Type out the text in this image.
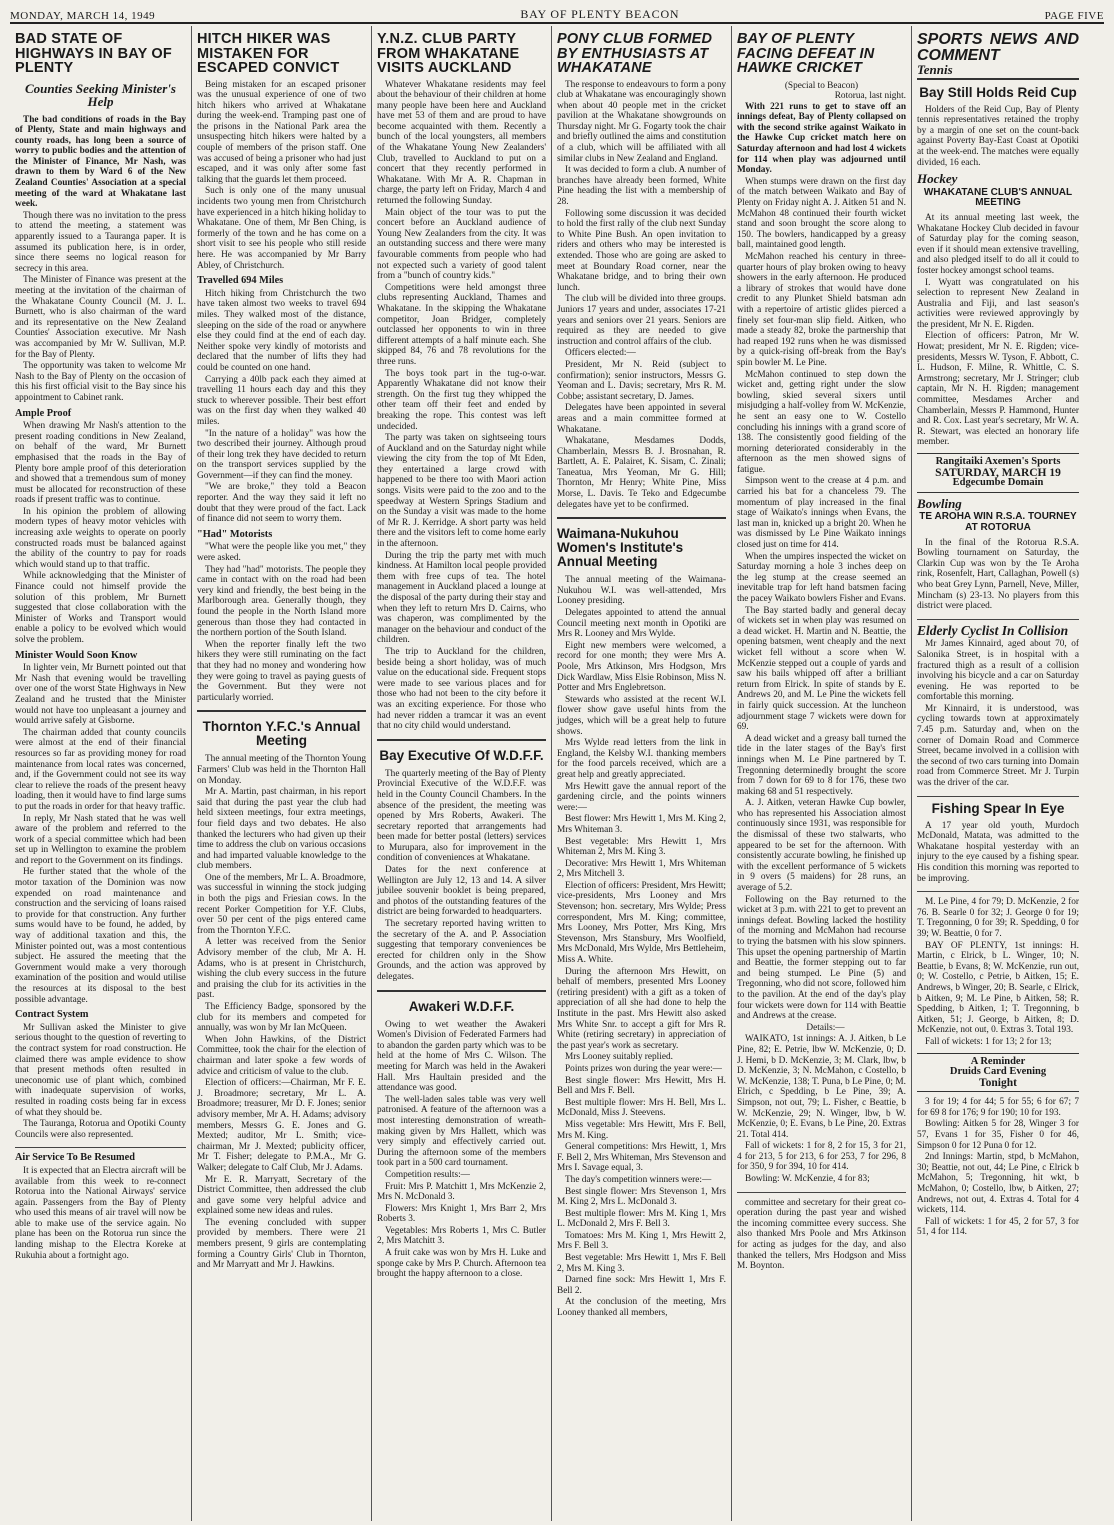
MONDAY, MARCH 14, 1949	BAY OF PLENTY BEACON	PAGE FIVE
BAD STATE OF HIGHWAYS IN BAY OF PLENTY
Counties Seeking Minister's Help

The bad conditions of roads in the Bay of Plenty, State and main highways and county roads, has long been a source of worry to public bodies and the attention of the Minister of Finance, Mr Nash, was drawn to them by Ward 6 of the New Zealand Counties' Association at a special meeting of the ward at Whakatane last week.

Though there was no invitation to the press to attend the meeting, a statement was apparently issued to a Tauranga paper. It is assumed its publication here, is in order, since there seems no logical reason for secrecy in this area.

The Minister of Finance was present at the meeting at the invitation of the chairman of the Whakatane County Council (M. J. L. Burnett, who is also chairman of the ward and its representative on the New Zealand Counties' Association executive. Mr Nash was accompanied by Mr W. Sullivan, M.P. for the Bay of Plenty.

The opportunity was taken to welcome Mr Nash to the Bay of Plenty on the occasion of this his first official visit to the Bay since his appointment to Cabinet rank.

Ample Proof

When drawing Mr Nash's attention to the present roading conditions in New Zealand, on behalf of the ward, Mr Burnett emphasised that the roads in the Bay of Plenty bore ample proof of this deterioration and showed that a tremendous sum of money must be allocated for reconstruction of these roads if present traffic was to continue.

In his opinion the problem of allowing modern types of heavy motor vehicles with increasing axle weights to operate on poorly constructed roads must be balanced against the ability of the country to pay for roads which would stand up to that traffic.

While acknowledging that the Minister of Finance could not himself provide the solution of this problem, Mr Burnett suggested that close collaboration with the Minister of Works and Transport would enable a policy to be evolved which would solve the problem.

Minister Would Soon Know

In lighter vein, Mr Burnett pointed out that Mr Nash that evening would be travelling over one of the worst State Highways in New Zealand and he trusted that the Minister would not have too unpleasant a journey and would arrive safely at Gisborne.

The chairman added that county councils were almost at the end of their financial resources so far as providing money for road maintenance from local rates was concerned, and, if the Government could not see its way clear to relieve the roads of the present heavy loading, then it would have to find large sums to put the roads in order for that heavy traffic.

In reply, Mr Nash stated that he was well aware of the problem and referred to the work of a special committee which had been set up in Wellington to examine the problem and report to the Government on its findings.

He further stated that the whole of the motor taxation of the Dominion was now expended on road maintenance and construction and the servicing of loans raised to provide for that construction. Any further sums would have to be found, he added, by way of additional taxation and this, the Minister pointed out, was a most contentious subject. He assured the meeting that the Government would make a very thorough examination of the position and would utilise the resources at its disposal to the best possible advantage.

Contract System

Mr Sullivan asked the Minister to give serious thought to the question of reverting to the contract system for road construction. He claimed there was ample evidence to show that present methods often resulted in uneconomic use of plant which, combined with inadequate supervision of works, resulted in roading costs being far in excess of what they should be.

The Tauranga, Rotorua and Opotiki County Councils were also represented.

Air Service To Be Resumed

It is expected that an Electra aircraft will be available from this week to re-connect Rotorua into the National Airways' service again. Passengers from the Bay of Plenty who used this means of air travel will now be able to make use of the service again. No plane has been on the Rotorua run since the landing mishap to the Electra Koreke at Rukuhia about a fortnight ago.

HITCH HIKER WAS MISTAKEN FOR ESCAPED CONVICT

Being mistaken for an escaped prisoner was the unusual experience of one of two hitch hikers who arrived at Whakatane during the week-end. Tramping past one of the prisons in the National Park area the unsuspecting hitch hikers were halted by a couple of members of the prison staff. One was accused of being a prisoner who had just escaped, and it was only after some fast talking that the guards let them proceed.

Such is only one of the many unusual incidents two young men from Christchurch have experienced in a hitch hiking holiday to Whakatane. One of them, Mr Ben Ching, is formerly of the town and he has come on a short visit to see his people who still reside here. He was accompanied by Mr Barry Abley, of Christchurch.

Travelled 694 Miles

Hitch hiking from Christchurch the two have taken almost two weeks to travel 694 miles. They walked most of the distance, sleeping on the side of the road or anywhere else they could find at the end of each day. Neither spoke very kindly of motorists and declared that the number of lifts they had could be counted on one hand.

Carrying a 40lb pack each they aimed at travelling 11 hours each day and this they stuck to wherever possible. Their best effort was on the first day when they walked 40 miles.

"In the nature of a holiday" was how the two described their journey. Although proud of their long trek they have decided to return on the transport services supplied by the Government—if they can find the money.

"We are broke," they told a Beacon reporter. And the way they said it left no doubt that they were proud of the fact. Lack of finance did not seem to worry them.

"Had" Motorists

"What were the people like you met," they were asked.

They had "had" motorists. The people they came in contact with on the road had been very kind and friendly, the best being in the Marlborough area. Generally though, they found the people in the North Island more generous than those they had contacted in the northern portion of the South Island.

When the reporter finally left the two hikers they were still ruminating on the fact that they had no money and wondering how they were going to travel as paying guests of the Government. But they were not particularly worried.

Thornton Y.F.C.'s Annual Meeting

The annual meeting of the Thornton Young Farmers' Club was held in the Thornton Hall on Monday.

Mr A. Martin, past chairman, in his report said that during the past year the club had held sixteen meetings, four extra meetings, four field days and two debates. He also thanked the lecturers who had given up their time to address the club on various occasions and had imparted valuable knowledge to the club members.

One of the members, Mr L. A. Broadmore, was successful in winning the stock judging in both the pigs and Friesian cows. In the recent Porker Competition for Y.F. Clubs, over 50 per cent of the pigs entered came from the Thornton Y.F.C.

A letter was received from the Senior Advisory member of the club, Mr A. H. Adams, who is at present in Christchurch, wishing the club every success in the future and praising the club for its activities in the past.

The Efficiency Badge, sponsored by the club for its members and competed for annually, was won by Mr Ian McQueen.

When John Hawkins, of the District Committee, took the chair for the election of chairman and later spoke a few words of advice and criticism of value to the club.

Election of officers:—Chairman, Mr F. E. J. Broadmore; secretary, Mr L. A. Broadmore; treasurer, Mr D. F. Jones; senior advisory member, Mr A. H. Adams; advisory members, Messrs G. E. Jones and G. Mexted; auditor, Mr L. Smith; vice-chairman, Mr J. Mexted; publicity officer, Mr T. Fisher; delegate to P.M.A., Mr G. Walker; delegate to Calf Club, Mr J. Adams.

Mr E. R. Marryatt, Secretary of the District Committee, then addressed the club and gave some very helpful advice and explained some new ideas and rules.

The evening concluded with supper provided by members. There were 21 members present, 9 girls are contemplating forming a Country Girls' Club in Thornton, and Mr Marryatt and Mr J. Hawkins.

Y.N.Z. CLUB PARTY FROM WHAKATANE VISITS AUCKLAND

Whatever Whakatane residents may feel about the behaviour of their children at home many people have been here and Auckland have met 53 of them and are proud to have become acquainted with them. Recently a bunch of the local youngsters, all members of the Whakatane Young New Zealanders' Club, travelled to Auckland to put on a concert that they recently performed in Whakatane. With Mr A. R. Chapman in charge, the party left on Friday, March 4 and returned the following Sunday.

Main object of the tour was to put the concert before an Auckland audience of Young New Zealanders from the city. It was an outstanding success and there were many favourable comments from people who had not expected such a variety of good talent from a "bunch of country kids."

Competitions were held amongst three clubs representing Auckland, Thames and Whakatane. In the skipping the Whakatane competitor, Joan Bridger, completely outclassed her opponents to win in three different attempts of a half minute each. She skipped 84, 76 and 78 revolutions for the three runs.

The boys took part in the tug-o-war. Apparently Whakatane did not know their strength. On the first tug they whipped the other team off their feet and ended by breaking the rope. This contest was left undecided.

The party was taken on sightseeing tours of Auckland and on the Saturday night while viewing the city from the top of Mt Eden, they entertained a large crowd with happened to be there too with Maori action songs. Visits were paid to the zoo and to the speedway at Western Springs Stadium and on the Sunday a visit was made to the home of Mr R. J. Kerridge. A short party was held there and the visitors left to come home early in the afternoon.

During the trip the party met with much kindness. At Hamilton local people provided them with free cups of tea. The hotel management in Auckland placed a lounge at the disposal of the party during their stay and when they left to return Mrs D. Cairns, who was chaperon, was complimented by the manager on the behaviour and conduct of the children.

The trip to Auckland for the children, beside being a short holiday, was of much value on the educational side. Frequent stops were made to see various places and for those who had not been to the city before it was an exciting experience. For those who had never ridden a tramcar it was an event that no city child would understand.

Bay Executive Of W.D.F.F.

The quarterly meeting of the Bay of Plenty Provincial Executive of the W.D.F.F. was held in the County Council Chambers. In the absence of the president, the meeting was opened by Mrs Roberts, Awakeri. The secretary reported that arrangements had been made for better postal (letters) services to Murupara, also for improvement in the condition of conveniences at Whakatane.

Dates for the next conference at Wellington are July 12, 13 and 14. A silver jubilee souvenir booklet is being prepared, and photos of the outstanding features of the district are being forwarded to headquarters.

The secretary reported having written to the secretary of the A. and P. Association suggesting that temporary conveniences be erected for children only in the Show Grounds, and the action was approved by delegates.

Awakeri W.D.F.F.

Owing to wet weather the Awakeri Women's Division of Federated Farmers had to abandon the garden party which was to be held at the home of Mrs C. Wilson. The meeting for March was held in the Awakeri Hall. Mrs Haultain presided and the attendance was good.

The well-laden sales table was very well patronised. A feature of the afternoon was a most interesting demonstration of wreath-making given by Mrs Hallett, which was very simply and effectively carried out. During the afternoon some of the members took part in a 500 card tournament.

Competition results:—

Fruit: Mrs P. Matchitt 1, Mrs McKenzie 2, Mrs N. McDonald 3.

Flowers: Mrs Knight 1, Mrs Barr 2, Mrs Roberts 3.

Vegetables: Mrs Roberts 1, Mrs C. Butler 2, Mrs Matchitt 3.

A fruit cake was won by Mrs H. Luke and sponge cake by Mrs P. Church. Afternoon tea brought the happy afternoon to a close.

PONY CLUB FORMED BY ENTHUSIASTS AT WHAKATANE

The response to endeavours to form a pony club at Whakatane was encouragingly shown when about 40 people met in the cricket pavilion at the Whakatane showgrounds on Thursday night. Mr G. Fogarty took the chair and briefly outlined the aims and constitution of a club, which will be affiliated with all similar clubs in New Zealand and England.

It was decided to form a club. A number of branches have already been formed, White Pine heading the list with a membership of 28.

Following some discussion it was decided to hold the first rally of the club next Sunday to White Pine Bush. An open invitation to riders and others who may be interested is extended. Those who are going are asked to meet at Boundary Road corner, near the Whakatane bridge, and to bring their own lunch.

The club will be divided into three groups. Juniors 17 years and under, associates 17-21 years and seniors over 21 years. Seniors are required as they are needed to give instruction and control affairs of the club.

Officers elected:—

President, Mr N. Reid (subject to confirmation); senior instructors, Messrs G. Yeoman and L. Davis; secretary, Mrs R. M. Cobbe; assistant secretary, D. James.

Delegates have been appointed in several areas and a main committee formed at Whakatane.

Whakatane, Mesdames Dodds, Chamberlain, Messrs B. J. Brosnahan, R. Bartlett, A. E. Palairet, K. Sisam, C. Zinali; Taneatua, Mrs Yeoman, Mr G. Hill; Thornton, Mr Henry; White Pine, Miss Morse, L. Davis. Te Teko and Edgecumbe delegates have yet to be confirmed.

Waimana-Nukuhou Women's Institute's Annual Meeting

The annual meeting of the Waimana-Nukuhou W.I. was well-attended, Mrs Looney presiding.

Delegates appointed to attend the annual Council meeting next month in Opotiki are Mrs R. Looney and Mrs Wylde.

Eight new members were welcomed, a record for one month; they were Mrs A. Poole, Mrs Atkinson, Mrs Hodgson, Mrs Dick Wardlaw, Miss Elsie Robinson, Miss N. Potter and Mrs Englebretson.

Stewards who assisted at the recent W.I. flower show gave useful hints from the judges, which will be a great help to future shows.

Mrs Wylde read letters from the link in England, the Kelsby W.I. thanking members for the food parcels received, which are a great help and greatly appreciated.

Mrs Hewitt gave the annual report of the gardening circle, and the points winners were:—

Best flower: Mrs Hewitt 1, Mrs M. King 2, Mrs Whiteman 3.

Best vegetable: Mrs Hewitt 1, Mrs Whiteman 2, Mrs M. King 3.

Decorative: Mrs Hewitt 1, Mrs Whiteman 2, Mrs Mitchell 3.

Election of officers: President, Mrs Hewitt; vice-presidents, Mrs Looney and Mrs Stevenson; hon. secretary, Mrs Wylde; Press correspondent, Mrs M. King; committee, Mrs Looney, Mrs Potter, Mrs King, Mrs Stevenson, Mrs Stansbury, Mrs Woolfield, Mrs McDonald, Mrs Wylde, Mrs Bettleheim, Miss A. White.

During the afternoon Mrs Hewitt, on behalf of members, presented Mrs Looney (retiring president) with a gift as a token of appreciation of all she had done to help the Institute in the past. Mrs Hewitt also asked Mrs White Snr. to accept a gift for Mrs R. White (retiring secretary) in appreciation of the past year's work as secretary.

Mrs Looney suitably replied.

Points prizes won during the year were:—

Best single flower: Mrs Hewitt, Mrs H. Bell and Mrs F. Bell.

Best multiple flower: Mrs H. Bell, Mrs L. McDonald, Miss J. Steevens.

Miss vegetable: Mrs Hewitt, Mrs F. Bell, Mrs M. King.

General competitions: Mrs Hewitt, 1, Mrs F. Bell 2, Mrs Whiteman, Mrs Stevenson and Mrs I. Savage equal, 3.

The day's competition winners were:—

Best single flower: Mrs Stevenson 1, Mrs M. King 2, Mrs L. McDonald 3.

Best multiple flower: Mrs M. King 1, Mrs L. McDonald 2, Mrs F. Bell 3.

Tomatoes: Mrs M. King 1, Mrs Hewitt 2, Mrs F. Bell 3.

Best vegetable: Mrs Hewitt 1, Mrs F. Bell 2, Mrs M. King 3.

Darned fine sock: Mrs Hewitt 1, Mrs F. Bell 2.

At the conclusion of the meeting, Mrs Looney thanked all members,

BAY OF PLENTY FACING DEFEAT IN HAWKE CRICKET
(Special to Beacon)
Rotorua, last night.

With 221 runs to get to stave off an innings defeat, Bay of Plenty collapsed on with the second strike against Waikato in the Hawke Cup cricket match here on Saturday afternoon and had lost 4 wickets for 114 when play was adjourned until Monday.

When stumps were drawn on the first day of the match between Waikato and Bay of Plenty on Friday night A. J. Aitken 51 and N. McMahon 48 continued their fourth wicket stand and soon brought the score along to 150. The bowlers, handicapped by a greasy ball, maintained good length.

McMahon reached his century in three-quarter hours of play broken owing to heavy showers in the early afternoon. He produced a library of strokes that would have done credit to any Plunket Shield batsman adn with a repertoire of artistic glides pierced a finely set four-man slip field. Aitken, who made a steady 82, broke the partnership that had reaped 192 runs when he was dismissed by a quick-rising off-break from the Bay's spin bowler M. Le Pine.

McMahon continued to step down the wicket and, getting right under the slow bowling, skied several sixers until misjudging a half-volley from W. McKenzie, he sent an easy one to W. Costello concluding his innings with a grand score of 138. The consistently good fielding of the morning deteriorated considerably in the afternoon as the men showed signs of fatigue.

Simpson went to the crease at 4 p.m. and carried his bat for a chanceless 79. The momentum of play increased in the final stage of Waikato's innings when Evans, the last man in, knicked up a bright 20. When he was dismissed by Le Pine Waikato innings closed just on time for 414.

When the umpires inspected the wicket on Saturday morning a hole 3 inches deep on the leg stump at the crease seemed an inevitable trap for left hand batsmen facing the pacey Waikato bowlers Fisher and Evans.

The Bay started badly and general decay of wickets set in when play was resumed on a dead wicket. H. Martin and N. Beattie, the opening batsmen, went cheaply and the next wicket fell without a score when W. McKenzie stepped out a couple of yards and saw his bails whipped off after a brilliant return from Elrick. In spite of stands by E. Andrews 20, and M. Le Pine the wickets fell in fairly quick succession. At the luncheon adjournment stage 7 wickets were down for 69.

A dead wicket and a greasy ball turned the tide in the later stages of the Bay's first innings when M. Le Pine partnered by T. Tregonning determinedly brought the score from 7 down for 69 to 8 for 176, these two making 68 and 51 respectively.

A. J. Aitken, veteran Hawke Cup bowler, who has represented his Association almost continuously since 1931, was responsible for the dismissal of these two stalwarts, who appeared to be set for the afternoon. With consistently accurate bowling, he finished up with the excellent performance of 5 wickets in 9 overs (5 maidens) for 28 runs, an average of 5.2.

Following on the Bay returned to the wicket at 3 p.m. with 221 to get to prevent an innings defeat. Bowling lacked the hostility of the morning and McMahon had recourse to trying the batsmen with his slow spinners. This upset the opening partnership of Martin and Beattie, the former stepping out to far and being stumped. Le Pine (5) and Tregonning, who did not score, followed him to the pavilion. At the end of the day's play four wickets were down for 114 with Beattie and Andrews at the crease.

Details:—

WAIKATO, 1st innings: A. J. Aitken, b Le Pine, 82; E. Petrie, lbw W. McKenzie, 0; D. J. Hemi, b D. McKenzie, 3; M. Clark, lbw, b D. McKenzie, 3; N. McMahon, c Costello, b W. McKenzie, 138; T. Puna, b Le Pine, 0; M. Elrich, c Spedding, b Le Pine, 39; A. Simpson, not out, 79; L. Fisher, c Beattie, b W. McKenzie, 29; N. Winger, lbw, b W. McKenzie, 0; E. Evans, b Le Pine, 20. Extras 21. Total 414.

Fall of wickets: 1 for 8, 2 for 15, 3 for 21, 4 for 213, 5 for 213, 6 for 253, 7 for 296, 8 for 350, 9 for 394, 10 for 414.

Bowling: W. McKenzie, 4 for 83;

committee and secretary for their great co-operation during the past year and wished the incoming committee every success. She also thanked Mrs Poole and Mrs Atkinson for acting as judges for the day, and also thanked the tellers, Mrs Hodgson and Miss M. Boynton.

SPORTS NEWS AND COMMENT
Tennis
Bay Still Holds Reid Cup

Holders of the Reid Cup, Bay of Plenty tennis representatives retained the trophy by a margin of one set on the count-back against Poverty Bay-East Coast at Opotiki at the week-end. The matches were equally divided, 16 each.

Hockey
WHAKATANE CLUB'S ANNUAL MEETING

At its annual meeting last week, the Whakatane Hockey Club decided in favour of Saturday play for the coming season, even if it should mean extensive travelling, and also pledged itself to do all it could to foster hockey amongst school teams.

I. Wyatt was congratulated on his selection to represent New Zealand in Australia and Fiji, and last season's activities were reviewed approvingly by the president, Mr N. E. Rigden.

Election of officers: Patron, Mr W. Howat; president, Mr N. E. Rigden; vice-presidents, Messrs W. Tyson, F. Abbott, C. L. Hudson, F. Milne, R. Whittle, C. S. Armstrong; secretary, Mr J. Stringer; club captain, Mr N. H. Rigden; management committee, Mesdames Archer and Chamberlain, Messrs P. Hammond, Hunter and R. Cox. Last year's secretary, Mr W. A. R. Stewart, was elected an honorary life member.

Rangitaiki Axemen's Sports
SATURDAY, MARCH 19
Edgecumbe Domain
Bowling
TE AROHA WIN R.S.A. TOURNEY AT ROTORUA

In the final of the Rotorua R.S.A. Bowling tournament on Saturday, the Clarkin Cup was won by the Te Aroha rink, Rosenfelt, Hart, Callaghan, Powell (s) who beat Grey Lynn, Parnell, Neve, Miller, Mincham (s) 23-13. No players from this district were placed.

Elderly Cyclist In Collision

Mr James Kinnaird, aged about 70, of Salonika Street, is in hospital with a fractured thigh as a result of a collision involving his bicycle and a car on Saturday evening. He was reported to be comfortable this morning.

Mr Kinnaird, it is understood, was cycling towards town at approximately 7.45 p.m. Saturday and, when on the corner of Domain Road and Commerce Street, became involved in a collision with the second of two cars turning into Domain road from Commerce Street. Mr J. Turpin was the driver of the car.

Fishing Spear In Eye

A 17 year old youth, Murdoch McDonald, Matata, was admitted to the Whakatane hospital yesterday with an injury to the eye caused by a fishing spear. His condition this morning was reported to be improving.

M. Le Pine, 4 for 79; D. McKenzie, 2 for 76. B. Searle 0 for 32; J. George 0 for 19; T. Tregonning, 0 for 39; R. Spedding, 0 for 39; W. Beattie, 0 for 7.

BAY OF PLENTY, 1st innings: H. Martin, c Elrick, b L. Winger, 10; N. Beattie, b Evans, 8; W. McKenzie, run out, 0; W. Costello, c Petrie, b Aitken, 15; E. Andrews, b Winger, 20; B. Searle, c Elrick, b Aitken, 9; M. Le Pine, b Aitken, 58; R. Spedding, b Aitken, 1; T. Tregonning, b Aitken, 51; J. George, b Aitken, 8; D. McKenzie, not out, 0. Extras 3. Total 193.

Fall of wickets: 1 for 13; 2 for 13;

A Reminder
Druids Card Evening
Tonight

3 for 19; 4 for 44; 5 for 55; 6 for 67; 7 for 69 8 for 176; 9 for 190; 10 for 193.

Bowling: Aitken 5 for 28, Winger 3 for 57, Evans 1 for 35, Fisher 0 for 46, Simpson 0 for 12 Puna 0 for 12.

2nd Innings: Martin, stpd, b McMahon, 30; Beattie, not out, 44; Le Pine, c Elrick b McMahon, 5; Tregonning, hit wkt, b McMahon, 0; Costello, lbw, b Aitken, 27; Andrews, not out, 4. Extras 4. Total for 4 wickets, 114.

Fall of wickets: 1 for 45, 2 for 57, 3 for 51, 4 for 114.
